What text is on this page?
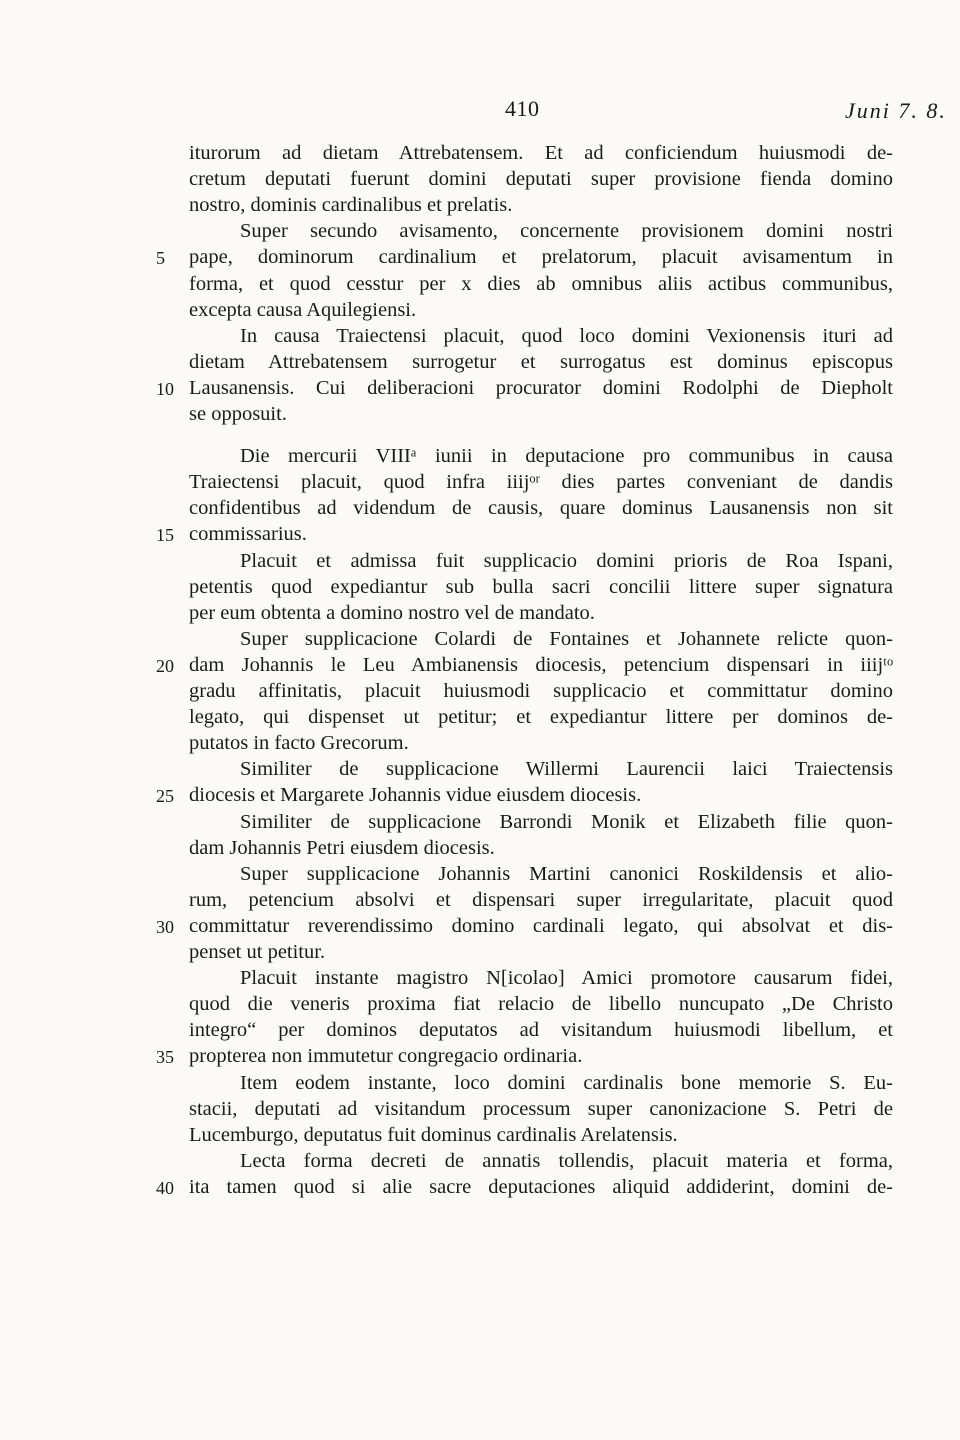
410	Juni 7. 8.
iturorum ad dietam Attrebatensem. Et ad conficiendum huiusmodi de-
cretum deputati fuerunt domini deputati super provisione fienda domino
nostro, dominis cardinalibus et prelatis.
Super secundo avisamento, concernente provisionem domini nostri
5	pape, dominorum cardinalium et prelatorum, placuit avisamentum in
forma, et quod cesstur per x dies ab omnibus aliis actibus communibus,
excepta causa Aquilegiensi.
In causa Traiectensi placuit, quod loco domini Vexionensis ituri ad
dietam Attrebatensem surrogetur et surrogatus est dominus episcopus
10 Lausanensis. Cui deliberacioni procurator domini Rodolphi de Diepholt
se opposuit.
Die mercurii VIIIᵃ iunii in deputacione pro communibus in causa
Traiectensi placuit, quod infra iiijᵒʳ dies partes conveniant de dandis
confidentibus ad videndum de causis, quare dominus Lausanensis non sit
15 commissarius.
Placuit et admissa fuit supplicacio domini prioris de Roa Ispani,
petentis quod expediantur sub bulla sacri concilii littere super signatura
per eum obtenta a domino nostro vel de mandato.
Super supplicacione Colardi de Fontaines et Johannete relicte quon-
20 dam Johannis le Leu Ambianensis diocesis, petencium dispensari in iiijᵗᵒ
gradu affinitatis, placuit huiusmodi supplicacio et committatur domino
legato, qui dispenset ut petitur; et expediantur littere per dominos de-
putatos in facto Grecorum.
Similiter de supplicacione Willermi Laurencii laici Traiectensis
25 diocesis et Margarete Johannis vidue eiusdem diocesis.
Similiter de supplicacione Barrondi Monik et Elizabeth filie quon-
dam Johannis Petri eiusdem diocesis.
Super supplicacione Johannis Martini canonici Roskildensis et alio-
rum, petencium absolvi et dispensari super irregularitate, placuit quod
30 committatur reverendissimo domino cardinali legato, qui absolvat et dis-
penset ut petitur.
Placuit instante magistro N[icolao] Amici promotore causarum fidei,
quod die veneris proxima fiat relacio de libello nuncupato „De Christo
integro“ per dominos deputatos ad visitandum huiusmodi libellum, et
35 propterea non immutetur congregacio ordinaria.
Item eodem instante, loco domini cardinalis bone memorie S. Eu-
stacii, deputati ad visitandum processum super canonizacione S. Petri de
Lucemburgo, deputatus fuit dominus cardinalis Arelatensis.
Lecta forma decreti de annatis tollendis, placuit materia et forma,
40 ita tamen quod si alie sacre deputaciones aliquid addiderint, domini de-
